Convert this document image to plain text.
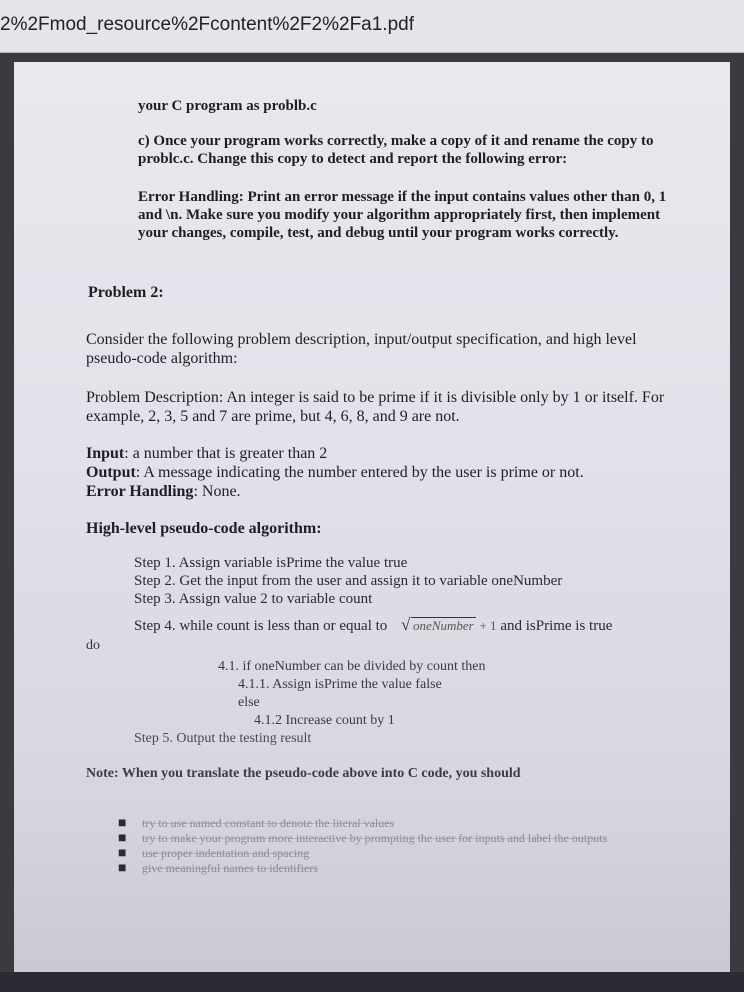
2%2Fmod_resource%2Fcontent%2F2%2Fa1.pdf

your C program as problb.c

c) Once your program works correctly, make a copy of it and rename the copy to problc.c. Change this copy to detect and report the following error:

Error Handling: Print an error message if the input contains values other than 0, 1 and \n. Make sure you modify your algorithm appropriately first, then implement your changes, compile, test, and debug until your program works correctly.

Problem 2:

Consider the following problem description, input/output specification, and high level pseudo-code algorithm:

Problem Description: An integer is said to be prime if it is divisible only by 1 or itself. For example, 2, 3, 5 and 7 are prime, but 4, 6, 8, and 9 are not.

Input: a number that is greater than 2
Output: A message indicating the number entered by the user is prime or not.
Error Handling: None.

High-level pseudo-code algorithm:

Step 1. Assign variable isPrime the value true
Step 2. Get the input from the user and assign it to variable oneNumber
Step 3. Assign value 2 to variable count
Step 4. while count is less than or equal to √ oneNumber + 1 and isPrime is true
do
4.1. if oneNumber can be divided by count then
4.1.1. Assign isPrime the value false
else
4.1.2 Increase count by 1
Step 5. Output the testing result
Note: When you translate the pseudo-code above into C code, you should
■ try to use named constant to denote the literal values
■ try to make your program more interactive by prompting the user for inputs and label the outputs
■ use proper indentation and spacing
■ give meaningful names to identifiers
